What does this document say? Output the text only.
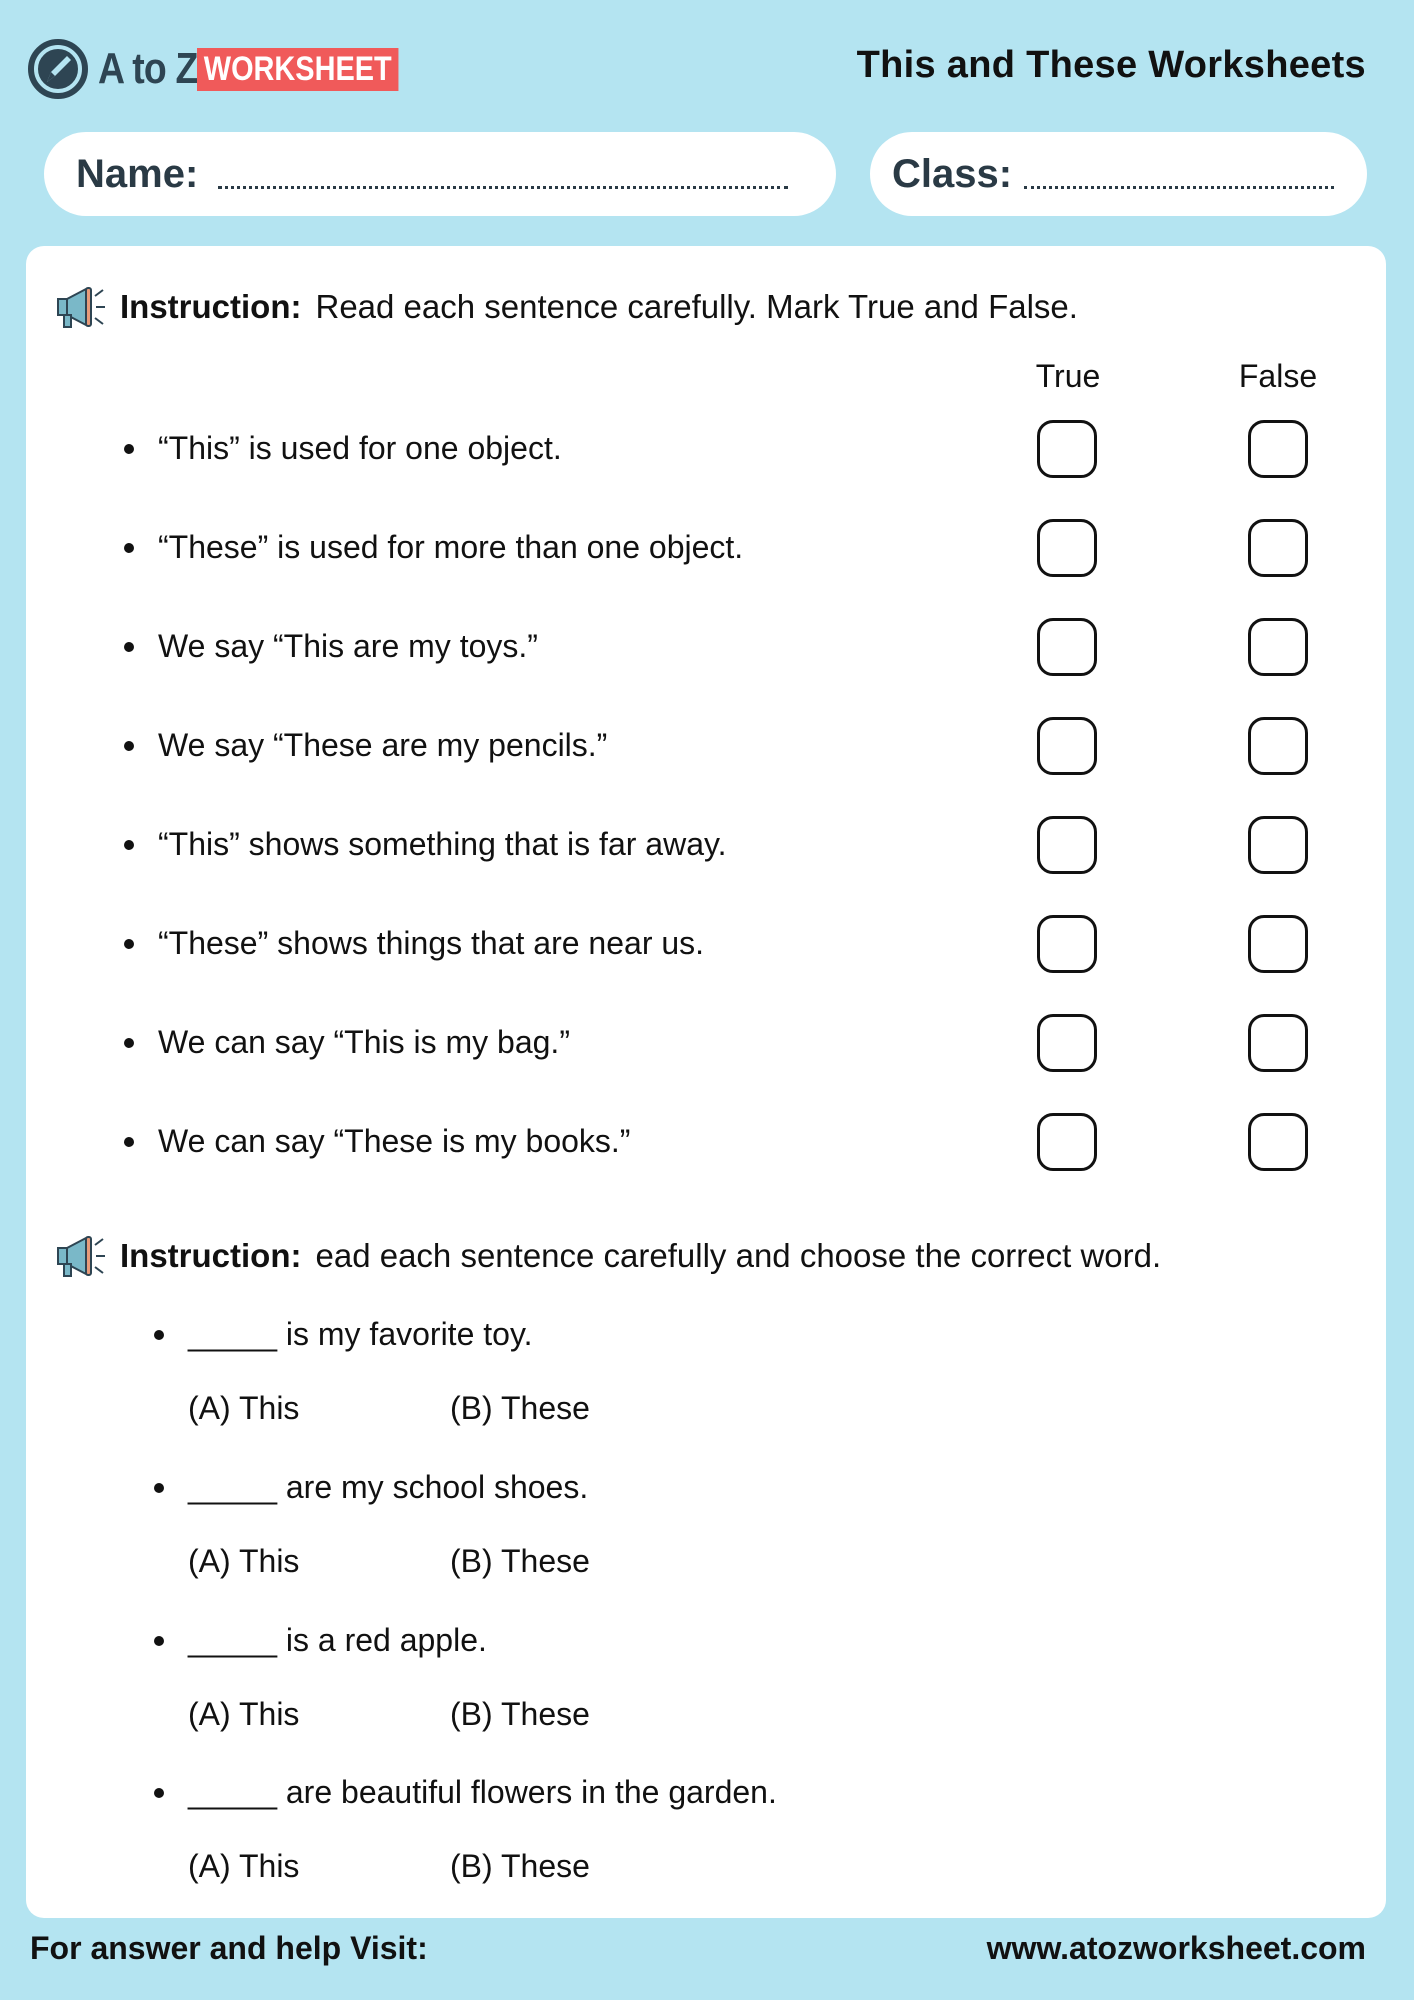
A to Z WORKSHEET	This and These Worksheets
Name:	Class:
Instruction: Read each sentence carefully. Mark True and False.
True	False
“This” is used for one object.
“These” is used for more than one object.
We say “This are my toys.”
We say “These are my pencils.”
“This” shows something that is far away.
“These” shows things that are near us.
We can say “This is my bag.”
We can say “These is my books.”
Instruction: ead each sentence carefully and choose the correct word.
_____ is my favorite toy.
(A) This	(B) These
_____ are my school shoes.
(A) This	(B) These
_____ is a red apple.
(A) This	(B) These
_____ are beautiful flowers in the garden.
(A) This	(B) These
For answer and help Visit:	www.atozworksheet.com
